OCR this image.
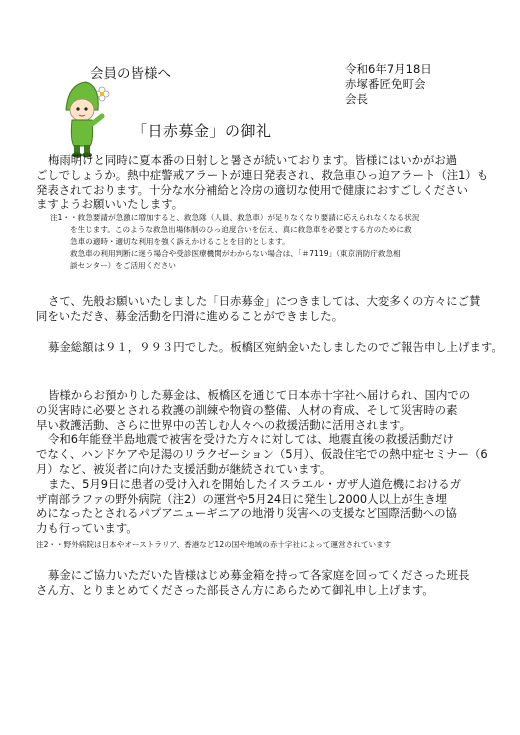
会員の皆様へ	令和6年7月18日
赤塚番匠免町会
会長
「日赤募金」の御礼
梅雨明けと同時に夏本番の日射しと暑さが続いております。皆様にはいかがお過
ごしでしょうか。熱中症警戒アラートが連日発表され、救急車ひっ迫アラート（注1）も
発表されております。十分な水分補給と冷房の適切な使用で健康におすごしください
ますようお願いいたします。
注1・・救急要請が急激に増加すると、救急隊（人員、救急車）が足りなくなり要請に応えられなくなる状況
を生じます。このような救急出場体制のひっ迫度合いを伝え、真に救急車を必要とする方のために救
急車の適時・適切な利用を強く訴えかけることを目的とします。
救急車の利用判断に迷う場合や受診医療機関がわからない場合は、「＃7119」（東京消防庁救急相
談センター）をご活用ください
さて、先般お願いいたしました「日赤募金」につきましては、大変多くの方々にご賛
同をいただき、募金活動を円滑に進めることができました。
募金総額は９１，９９３円でした。板橋区宛納金いたしましたのでご報告申し上げます。
皆様からお預かりした募金は、板橋区を通じて日本赤十字社へ届けられ、国内での
の災害時に必要とされる救護の訓練や物資の整備、人材の育成、そして災害時の素
早い救護活動、さらに世界中の苦しむ人々への救援活動に活用されます。
令和6年能登半島地震で被害を受けた方々に対しては、地震直後の救援活動だけ
でなく、ハンドケアや足湯のリラクゼーション（5月）、仮設住宅での熱中症セミナー（6
月）など、被災者に向けた支援活動が継続されています。
また、5月9日に患者の受け入れを開始したイスラエル・ガザ人道危機におけるガ
ザ南部ラファの野外病院（注2）の運営や5月24日に発生し2000人以上が生き埋
めになったとされるパプアニューギニアの地滑り災害への支援など国際活動への協
力も行っています。
注2・・野外病院は日本やオーストラリア、香港など12の国や地域の赤十字社によって運営されています
募金にご協力いただいた皆様はじめ募金箱を持って各家庭を回ってくださった班長
さん方、とりまとめてくださった部長さん方にあらためて御礼申し上げます。
